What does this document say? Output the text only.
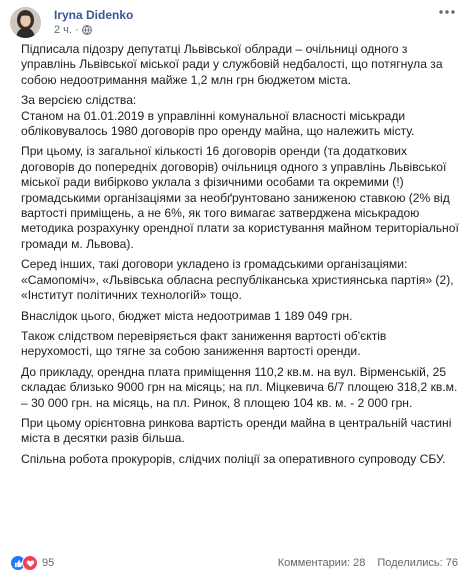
Iryna Didenko
2 ч. ·

Підписала підозру депутатці Львівської облради – очільниці одного з управлінь Львівської міської ради у службовій недбалості, що потягнула за собою недоотримання майже 1,2 млн грн бюджетом міста.

За версією слідства:
Станом на 01.01.2019 в управлінні комунальної власності міськради обліковувалось 1980 договорів про оренду майна, що належить місту.

При цьому, із загальної кількості 16 договорів оренди (та додаткових договорів до попередніх договорів) очільниця одного з управлінь Львівської міської ради вибірково уклала з фізичними особами та окремими (!) громадськими організаціями за необґрунтовано заниженою ставкою (2% від вартості приміщень, а не 6%, як того вимагає затверджена міськрадою методика розрахунку орендної плати за користування майном територіальної громади м. Львова).

Серед інших, такі договори укладено із громадськими організаціями: «Самопоміч», «Львівська обласна республіканська християнська партія» (2), «Інститут політичних технологій» тощо.

Внаслідок цього, бюджет міста недоотримав 1 189 049 грн.

Також слідством перевіряється факт заниження вартості об'єктів нерухомості, що тягне за собою заниження вартості оренди.

До прикладу, орендна плата приміщення 110,2 кв.м. на вул. Вірменській, 25 складає близько 9000 грн на місяць; на пл. Міцкевича 6/7 площею 318,2 кв.м. – 30 000 грн. на місяць, на пл. Ринок, 8 площею 104 кв. м. - 2 000 грн.

При цьому орієнтовна ринкова вартість оренди майна в центральній частині міста в десятки разів більша.

Спільна робота прокурорів, слідчих поліції за оперативного супроводу СБУ.

95	Комментарии: 28 Поделились: 76
